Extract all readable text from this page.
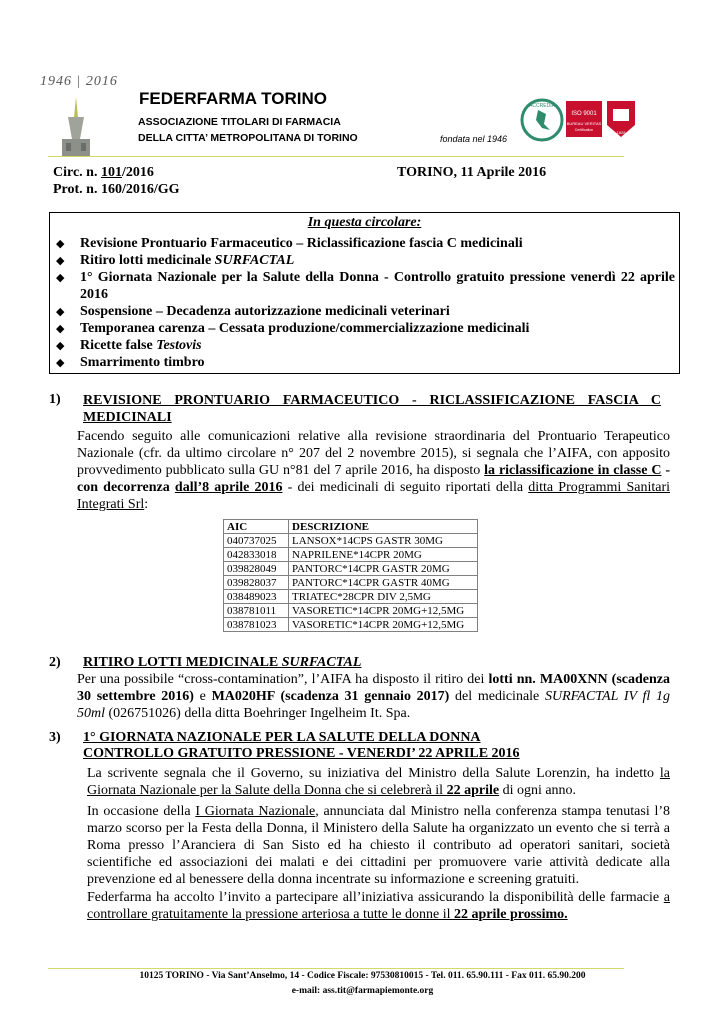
1946 | 2016
FEDERFARMA TORINO
ASSOCIAZIONE TITOLARI DI FARMACIA
DELLA CITTA’ METROPOLITANA DI TORINO	fondata nel 1946
ACCREDIA
ISO 9001
BUREAU VERITAS
Certification	1828
Circ. n. 101/2016
Prot. n. 160/2016/GG
TORINO, 11 Aprile 2016
In questa circolare:
◆ Revisione Prontuario Farmaceutico – Riclassificazione fascia C medicinali
◆ Ritiro lotti medicinale SURFACTAL
◆ 1° Giornata Nazionale per la Salute della Donna - Controllo gratuito pressione venerdì 22 aprile 2016
◆ Sospensione – Decadenza autorizzazione medicinali veterinari
◆ Temporanea carenza – Cessata produzione/commercializzazione medicinali
◆ Ricette false Testovis
◆ Smarrimento timbro
1) REVISIONE PRONTUARIO FARMACEUTICO - RICLASSIFICAZIONE FASCIA C MEDICINALI
Facendo seguito alle comunicazioni relative alla revisione straordinaria del Prontuario Terapeutico Nazionale (cfr. da ultimo circolare n° 207 del 2 novembre 2015), si segnala che l’AIFA, con apposito provvedimento pubblicato sulla GU n°81 del 7 aprile 2016, ha disposto la riclassificazione in classe C - con decorrenza dall’8 aprile 2016 - dei medicinali di seguito riportati della ditta Programmi Sanitari Integrati Srl:
AIC	DESCRIZIONE
040737025	LANSOX*14CPS GASTR 30MG
042833018	NAPRILENE*14CPR 20MG
039828049	PANTORC*14CPR GASTR 20MG
039828037	PANTORC*14CPR GASTR 40MG
038489023	TRIATEC*28CPR DIV 2,5MG
038781011	VASORETIC*14CPR 20MG+12,5MG
038781023	VASORETIC*14CPR 20MG+12,5MG
2) RITIRO LOTTI MEDICINALE SURFACTAL
Per una possibile “cross-contamination”, l’AIFA ha disposto il ritiro dei lotti nn. MA00XNN (scadenza 30 settembre 2016) e MA020HF (scadenza 31 gennaio 2017) del medicinale SURFACTAL IV fl 1g 50ml (026751026) della ditta Boehringer Ingelheim It. Spa.
3) 1° GIORNATA NAZIONALE PER LA SALUTE DELLA DONNA
CONTROLLO GRATUITO PRESSIONE - VENERDI’ 22 APRILE 2016
La scrivente segnala che il Governo, su iniziativa del Ministro della Salute Lorenzin, ha indetto la Giornata Nazionale per la Salute della Donna che si celebrerà il 22 aprile di ogni anno.
In occasione della I Giornata Nazionale, annunciata dal Ministro nella conferenza stampa tenutasi l’8 marzo scorso per la Festa della Donna, il Ministero della Salute ha organizzato un evento che si terrà a Roma presso l’Aranciera di San Sisto ed ha chiesto il contributo ad operatori sanitari, società scientifiche ed associazioni dei malati e dei cittadini per promuovere varie attività dedicate alla prevenzione ed al benessere della donna incentrate su informazione e screening gratuiti.
Federfarma ha accolto l’invito a partecipare all’iniziativa assicurando la disponibilità delle farmacie a controllare gratuitamente la pressione arteriosa a tutte le donne il 22 aprile prossimo.
10125 TORINO - Via Sant’Anselmo, 14 - Codice Fiscale: 97530810015 - Tel. 011. 65.90.111 - Fax 011. 65.90.200
e-mail: ass.tit@farmapiemonte.org
